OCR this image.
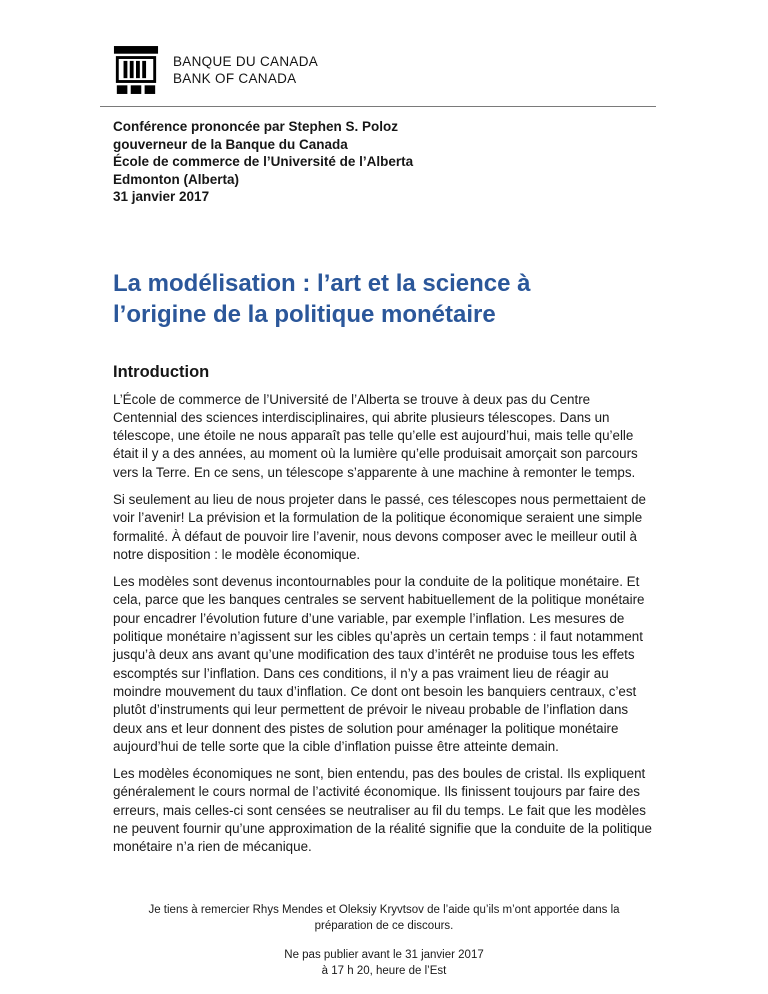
BANQUE DU CANADA
BANK OF CANADA
Conférence prononcée par Stephen S. Poloz
gouverneur de la Banque du Canada
École de commerce de l’Université de l’Alberta
Edmonton (Alberta)
31 janvier 2017
La modélisation : l’art et la science à l’origine de la politique monétaire
Introduction

L’École de commerce de l’Université de l’Alberta se trouve à deux pas du Centre Centennial des sciences interdisciplinaires, qui abrite plusieurs télescopes. Dans un télescope, une étoile ne nous apparaît pas telle qu’elle est aujourd’hui, mais telle qu’elle était il y a des années, au moment où la lumière qu’elle produisait amorçait son parcours vers la Terre. En ce sens, un télescope s’apparente à une machine à remonter le temps.

Si seulement au lieu de nous projeter dans le passé, ces télescopes nous permettaient de voir l’avenir! La prévision et la formulation de la politique économique seraient une simple formalité. À défaut de pouvoir lire l’avenir, nous devons composer avec le meilleur outil à notre disposition : le modèle économique.

Les modèles sont devenus incontournables pour la conduite de la politique monétaire. Et cela, parce que les banques centrales se servent habituellement de la politique monétaire pour encadrer l’évolution future d’une variable, par exemple l’inflation. Les mesures de politique monétaire n’agissent sur les cibles qu’après un certain temps : il faut notamment jusqu’à deux ans avant qu’une modification des taux d’intérêt ne produise tous les effets escomptés sur l’inflation. Dans ces conditions, il n’y a pas vraiment lieu de réagir au moindre mouvement du taux d’inflation. Ce dont ont besoin les banquiers centraux, c’est plutôt d’instruments qui leur permettent de prévoir le niveau probable de l’inflation dans deux ans et leur donnent des pistes de solution pour aménager la politique monétaire aujourd’hui de telle sorte que la cible d’inflation puisse être atteinte demain.

Les modèles économiques ne sont, bien entendu, pas des boules de cristal. Ils expliquent généralement le cours normal de l’activité économique. Ils finissent toujours par faire des erreurs, mais celles-ci sont censées se neutraliser au fil du temps. Le fait que les modèles ne peuvent fournir qu’une approximation de la réalité signifie que la conduite de la politique monétaire n’a rien de mécanique.

Je tiens à remercier Rhys Mendes et Oleksiy Kryvtsov de l’aide qu’ils m’ont apportée dans la préparation de ce discours.
Ne pas publier avant le 31 janvier 2017
à 17 h 20, heure de l’Est
